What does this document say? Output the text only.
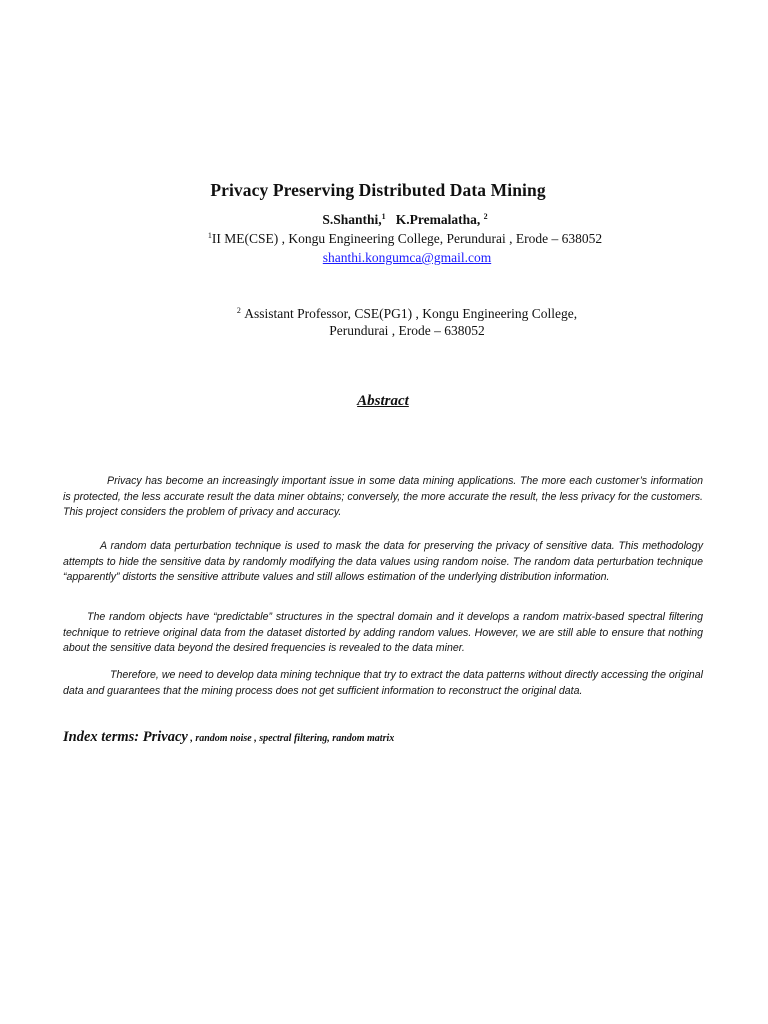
Privacy Preserving Distributed Data Mining
S.Shanthi,$^1$ K.Premalatha, $^2$
$^1$II ME(CSE) , Kongu Engineering College, Perundurai , Erode – 638052
shanthi.kongumca@gmail.com
$^2$ Assistant Professor, CSE(PG1) , Kongu Engineering College,
Perundurai , Erode – 638052
Abstract

Privacy has become an increasingly important issue in some data mining applications. The more each customer’s information is protected, the less accurate result the data miner obtains; conversely, the more accurate the result, the less privacy for the customers. This project considers the problem of privacy and accuracy.

A random data perturbation technique is used to mask the data for preserving the privacy of sensitive data. This methodology attempts to hide the sensitive data by randomly modifying the data values using random noise. The random data perturbation technique “apparently” distorts the sensitive attribute values and still allows estimation of the underlying distribution information.

The random objects have “predictable” structures in the spectral domain and it develops a random matrix-based spectral filtering technique to retrieve original data from the dataset distorted by adding random values. However, we are still able to ensure that nothing about the sensitive data beyond the desired frequencies is revealed to the data miner.

Therefore, we need to develop data mining technique that try to extract the data patterns without directly accessing the original data and guarantees that the mining process does not get sufficient information to reconstruct the original data.

Index terms: Privacy , random noise , spectral filtering, random matrix
